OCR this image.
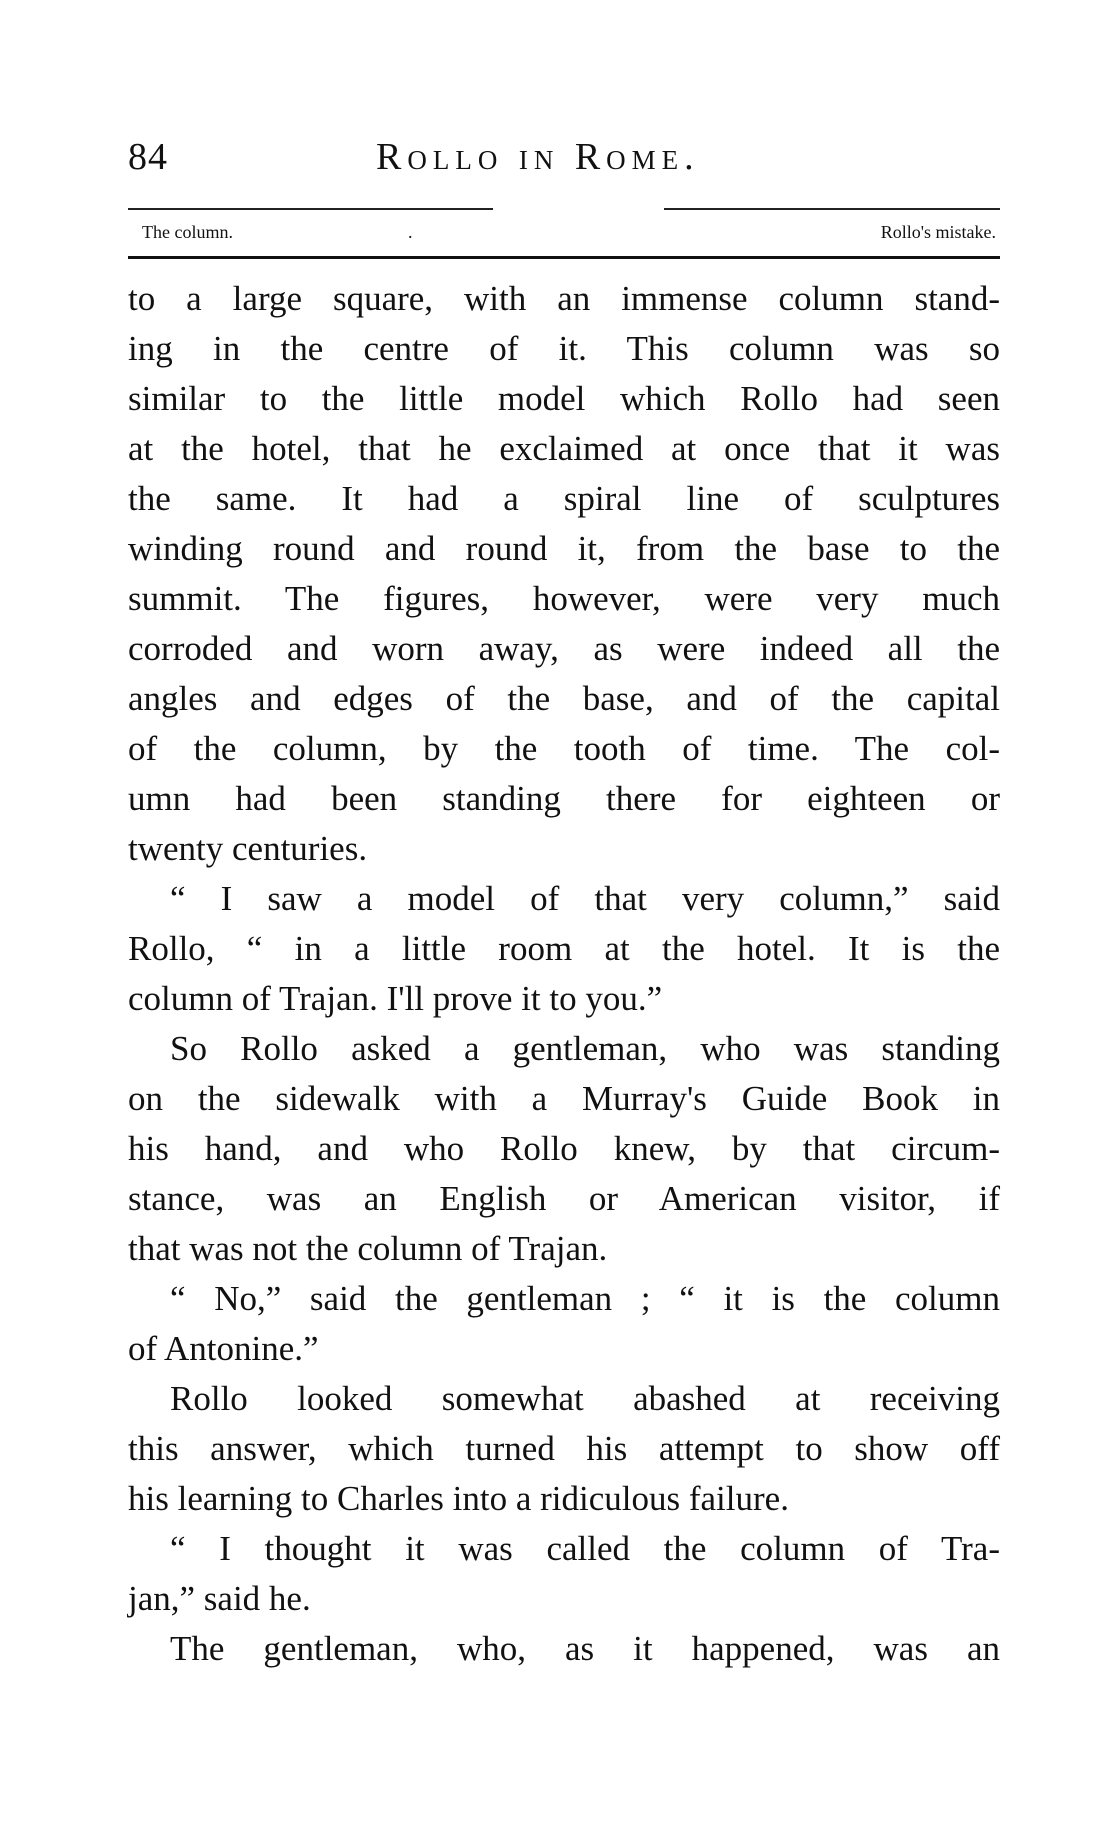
84	Rollo in Rome.
The column.	.	Rollo's mistake.
to a large square, with an immense column stand-
ing in the centre of it. This column was so
similar to the little model which Rollo had seen
at the hotel, that he exclaimed at once that it was
the same. It had a spiral line of sculptures
winding round and round it, from the base to the
summit. The figures, however, were very much
corroded and worn away, as were indeed all the
angles and edges of the base, and of the capital
of the column, by the tooth of time. The col-
umn had been standing there for eighteen or
twenty centuries.
“ I saw a model of that very column,” said
Rollo, “ in a little room at the hotel. It is the
column of Trajan. I'll prove it to you.”
So Rollo asked a gentleman, who was standing
on the sidewalk with a Murray's Guide Book in
his hand, and who Rollo knew, by that circum-
stance, was an English or American visitor, if
that was not the column of Trajan.
“ No,” said the gentleman ; “ it is the column
of Antonine.”
Rollo looked somewhat abashed at receiving
this answer, which turned his attempt to show off
his learning to Charles into a ridiculous failure.
“ I thought it was called the column of Tra-
jan,” said he.
The gentleman, who, as it happened, was an
